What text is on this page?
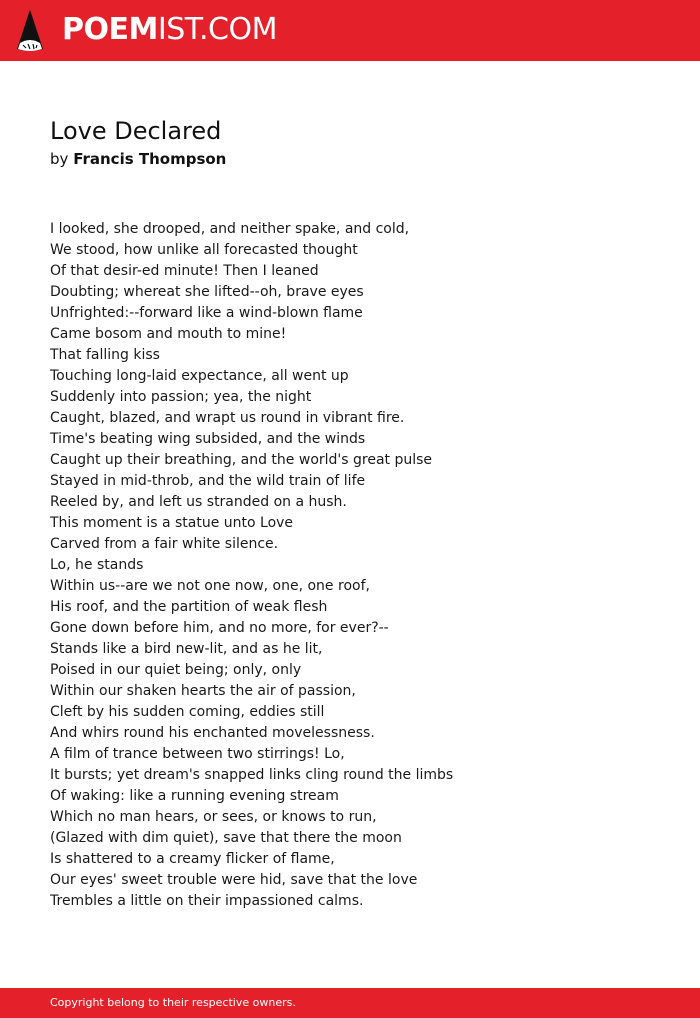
POEMIST.COM
Love Declared
by Francis Thompson
I looked, she drooped, and neither spake, and cold,
We stood, how unlike all forecasted thought
Of that desir-ed minute! Then I leaned
Doubting; whereat she lifted--oh, brave eyes
Unfrighted:--forward like a wind-blown flame
Came bosom and mouth to mine!
That falling kiss
Touching long-laid expectance, all went up
Suddenly into passion; yea, the night
Caught, blazed, and wrapt us round in vibrant fire.
Time's beating wing subsided, and the winds
Caught up their breathing, and the world's great pulse
Stayed in mid-throb, and the wild train of life
Reeled by, and left us stranded on a hush.
This moment is a statue unto Love
Carved from a fair white silence.
Lo, he stands
Within us--are we not one now, one, one roof,
His roof, and the partition of weak flesh
Gone down before him, and no more, for ever?--
Stands like a bird new-lit, and as he lit,
Poised in our quiet being; only, only
Within our shaken hearts the air of passion,
Cleft by his sudden coming, eddies still
And whirs round his enchanted movelessness.
A film of trance between two stirrings! Lo,
It bursts; yet dream's snapped links cling round the limbs
Of waking: like a running evening stream
Which no man hears, or sees, or knows to run,
(Glazed with dim quiet), save that there the moon
Is shattered to a creamy flicker of flame,
Our eyes' sweet trouble were hid, save that the love
Trembles a little on their impassioned calms.
Copyright belong to their respective owners.
